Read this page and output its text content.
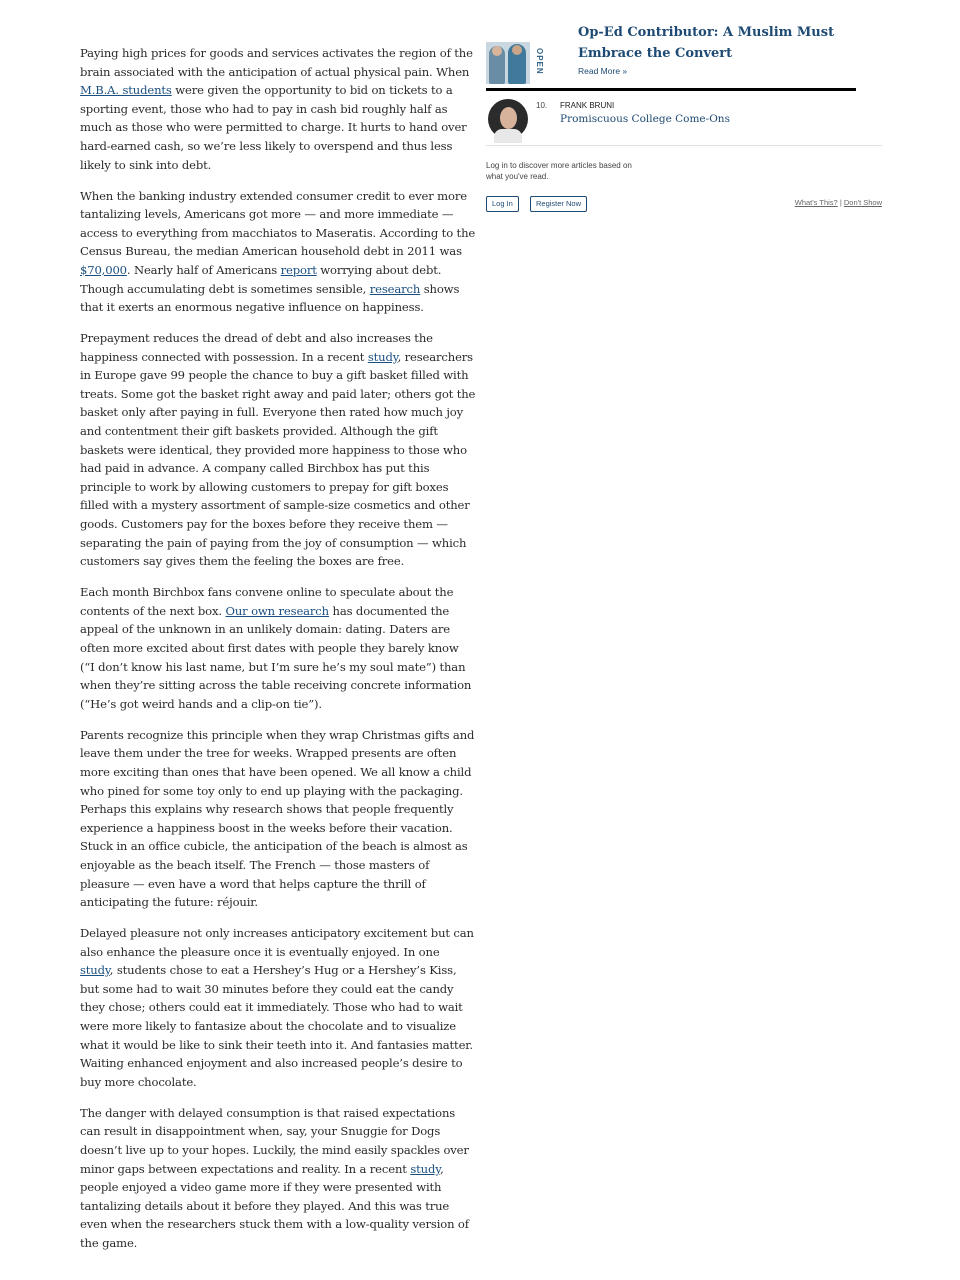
Paying high prices for goods and services activates the region of the brain associated with the anticipation of actual physical pain. When M.B.A. students were given the opportunity to bid on tickets to a sporting event, those who had to pay in cash bid roughly half as much as those who were permitted to charge. It hurts to hand over hard-earned cash, so we’re less likely to overspend and thus less likely to sink into debt.

When the banking industry extended consumer credit to ever more tantalizing levels, Americans got more — and more immediate — access to everything from macchiatos to Maseratis. According to the Census Bureau, the median American household debt in 2011 was $70,000. Nearly half of Americans report worrying about debt. Though accumulating debt is sometimes sensible, research shows that it exerts an enormous negative influence on happiness.

Prepayment reduces the dread of debt and also increases the happiness connected with possession. In a recent study, researchers in Europe gave 99 people the chance to buy a gift basket filled with treats. Some got the basket right away and paid later; others got the basket only after paying in full. Everyone then rated how much joy and contentment their gift baskets provided. Although the gift baskets were identical, they provided more happiness to those who had paid in advance. A company called Birchbox has put this principle to work by allowing customers to prepay for gift boxes filled with a mystery assortment of sample-size cosmetics and other goods. Customers pay for the boxes before they receive them — separating the pain of paying from the joy of consumption — which customers say gives them the feeling the boxes are free.

Each month Birchbox fans convene online to speculate about the contents of the next box. Our own research has documented the appeal of the unknown in an unlikely domain: dating. Daters are often more excited about first dates with people they barely know (“I don’t know his last name, but I’m sure he’s my soul mate”) than when they’re sitting across the table receiving concrete information (“He’s got weird hands and a clip-on tie”).

Parents recognize this principle when they wrap Christmas gifts and leave them under the tree for weeks. Wrapped presents are often more exciting than ones that have been opened. We all know a child who pined for some toy only to end up playing with the packaging. Perhaps this explains why research shows that people frequently experience a happiness boost in the weeks before their vacation. Stuck in an office cubicle, the anticipation of the beach is almost as enjoyable as the beach itself. The French — those masters of pleasure — even have a word that helps capture the thrill of anticipating the future: réjouir.

Delayed pleasure not only increases anticipatory excitement but can also enhance the pleasure once it is eventually enjoyed. In one study, students chose to eat a Hershey’s Hug or a Hershey’s Kiss, but some had to wait 30 minutes before they could eat the candy they chose; others could eat it immediately. Those who had to wait were more likely to fantasize about the chocolate and to visualize what it would be like to sink their teeth into it. And fantasies matter. Waiting enhanced enjoyment and also increased people’s desire to buy more chocolate.

The danger with delayed consumption is that raised expectations can result in disappointment when, say, your Snuggie for Dogs doesn’t live up to your hopes. Luckily, the mind easily spackles over minor gaps between expectations and reality. In a recent study, people enjoyed a video game more if they were presented with tantalizing details about it before they played. And this was true even when the researchers stuck them with a low-quality version of the game.

OPEN
Op-Ed Contributor: A Muslim Must
Embrace the Convert
Read More »
10. FRANK BRUNI
Promiscuous College Come-Ons
Log in to discover more articles based on what you've read.
Log In	Register Now	What's This? | Don't Show
